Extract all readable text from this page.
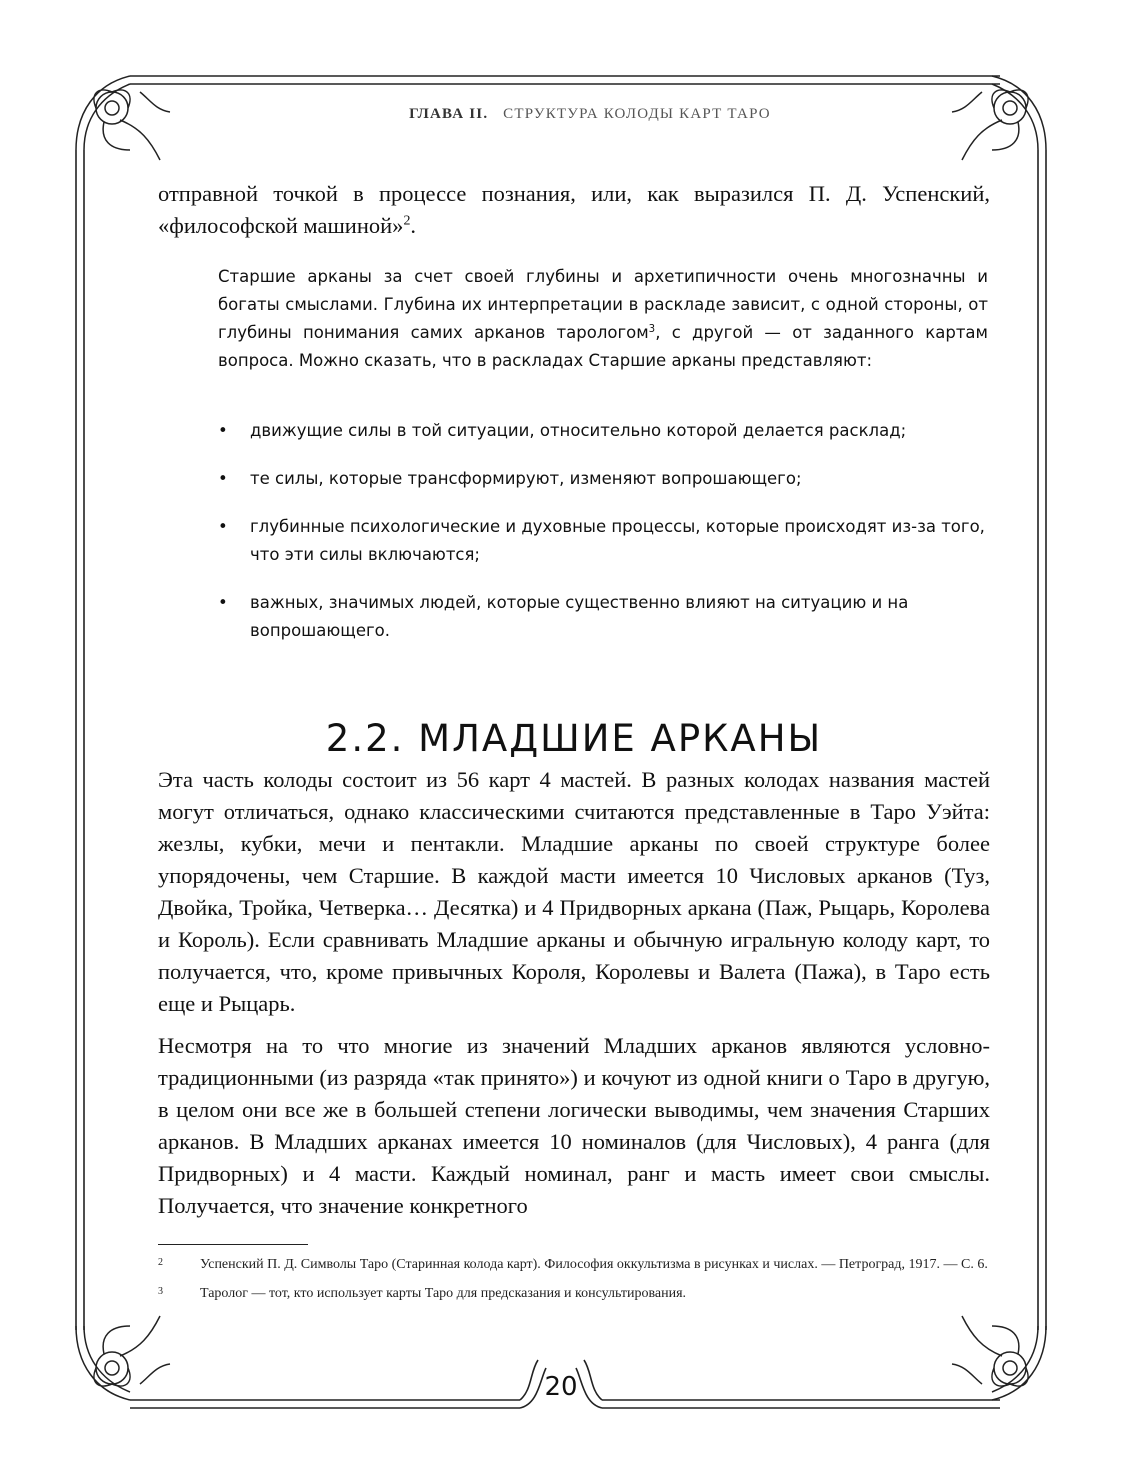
ГЛАВА II. СТРУКТУРА КОЛОДЫ КАРТ ТАРО

отправной точкой в процессе познания, или, как выразился П. Д. Успенский, «философской машиной»$^2$.

Старшие арканы за счет своей глубины и архетипичности очень многозначны и богаты смыслами. Глубина их интерпретации в раскладе зависит, с одной стороны, от глубины понимания самих арканов тарологом$^3$, с другой — от заданного картам вопроса. Можно сказать, что в раскладах Старшие арканы представляют:

• движущие силы в той ситуации, относительно которой делается расклад;
• те силы, которые трансформируют, изменяют вопрошающего;
• глубинные психологические и духовные процессы, которые происходят из-за того, что эти силы включаются;
• важных, значимых людей, которые существенно влияют на ситуацию и на вопрошающего.
2.2. МЛАДШИЕ АРКАНЫ

Эта часть колоды состоит из 56 карт 4 мастей. В разных колодах названия мастей могут отличаться, однако классическими считаются представленные в Таро Уэйта: жезлы, кубки, мечи и пентакли. Младшие арканы по своей структуре более упорядочены, чем Старшие. В каждой масти имеется 10 Числовых арканов (Туз, Двойка, Тройка, Четверка… Десятка) и 4 Придворных аркана (Паж, Рыцарь, Королева и Король). Если сравнивать Младшие арканы и обычную игральную колоду карт, то получается, что, кроме привычных Короля, Королевы и Валета (Пажа), в Таро есть еще и Рыцарь.

Несмотря на то что многие из значений Младших арканов являются условно-традиционными (из разряда «так принято») и кочуют из одной книги о Таро в другую, в целом они все же в большей степени логически выводимы, чем значения Старших арканов. В Младших арканах имеется 10 номиналов (для Числовых), 4 ранга (для Придворных) и 4 масти. Каждый номинал, ранг и масть имеет свои смыслы. Получается, что значение конкретного

2	Успенский П. Д. Символы Таро (Старинная колода карт). Философия оккультизма в рисунках и числах. — Петроград, 1917. — С. 6.
3	Таролог — тот, кто использует карты Таро для предсказания и консультирования.
20
